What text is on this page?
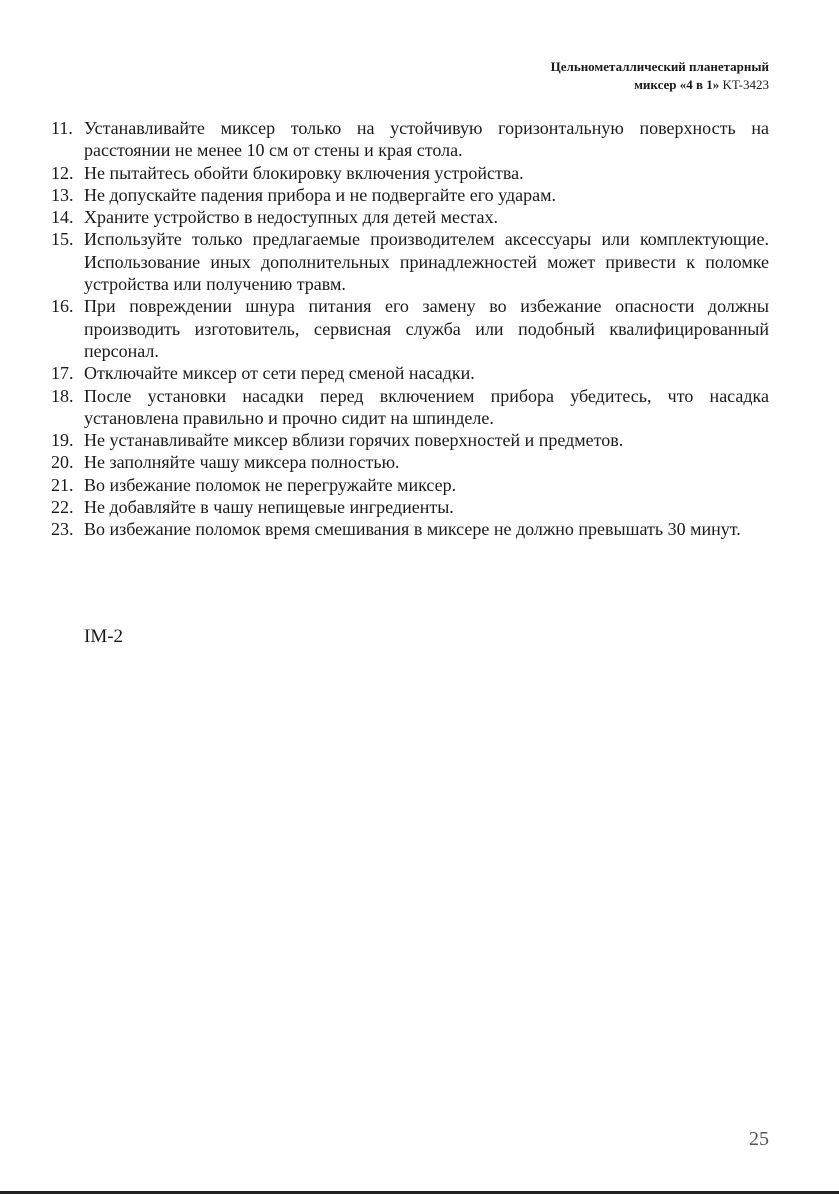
Цельнометаллический планетарный
миксер «4 в 1» KT-3423
11. Устанавливайте миксер только на устойчивую горизонтальную поверхность на расстоянии не менее 10 см от стены и края стола.
12. Не пытайтесь обойти блокировку включения устройства.
13. Не допускайте падения прибора и не подвергайте его ударам.
14. Храните устройство в недоступных для детей местах.
15. Используйте только предлагаемые производителем аксессуары или комплектующие. Использование иных дополнительных принадлежностей может привести к поломке устройства или получению травм.
16. При повреждении шнура питания его замену во избежание опасности должны производить изготовитель, сервисная служба или подобный квалифицированный персонал.
17. Отключайте миксер от сети перед сменой насадки.
18. После установки насадки перед включением прибора убедитесь, что насадка установлена правильно и прочно сидит на шпинделе.
19. Не устанавливайте миксер вблизи горячих поверхностей и предметов.
20. Не заполняйте чашу миксера полностью.
21. Во избежание поломок не перегружайте миксер.
22. Не добавляйте в чашу непищевые ингредиенты.
23. Во избежание поломок время смешивания в миксере не должно превышать 30 минут.
IM-2
25
